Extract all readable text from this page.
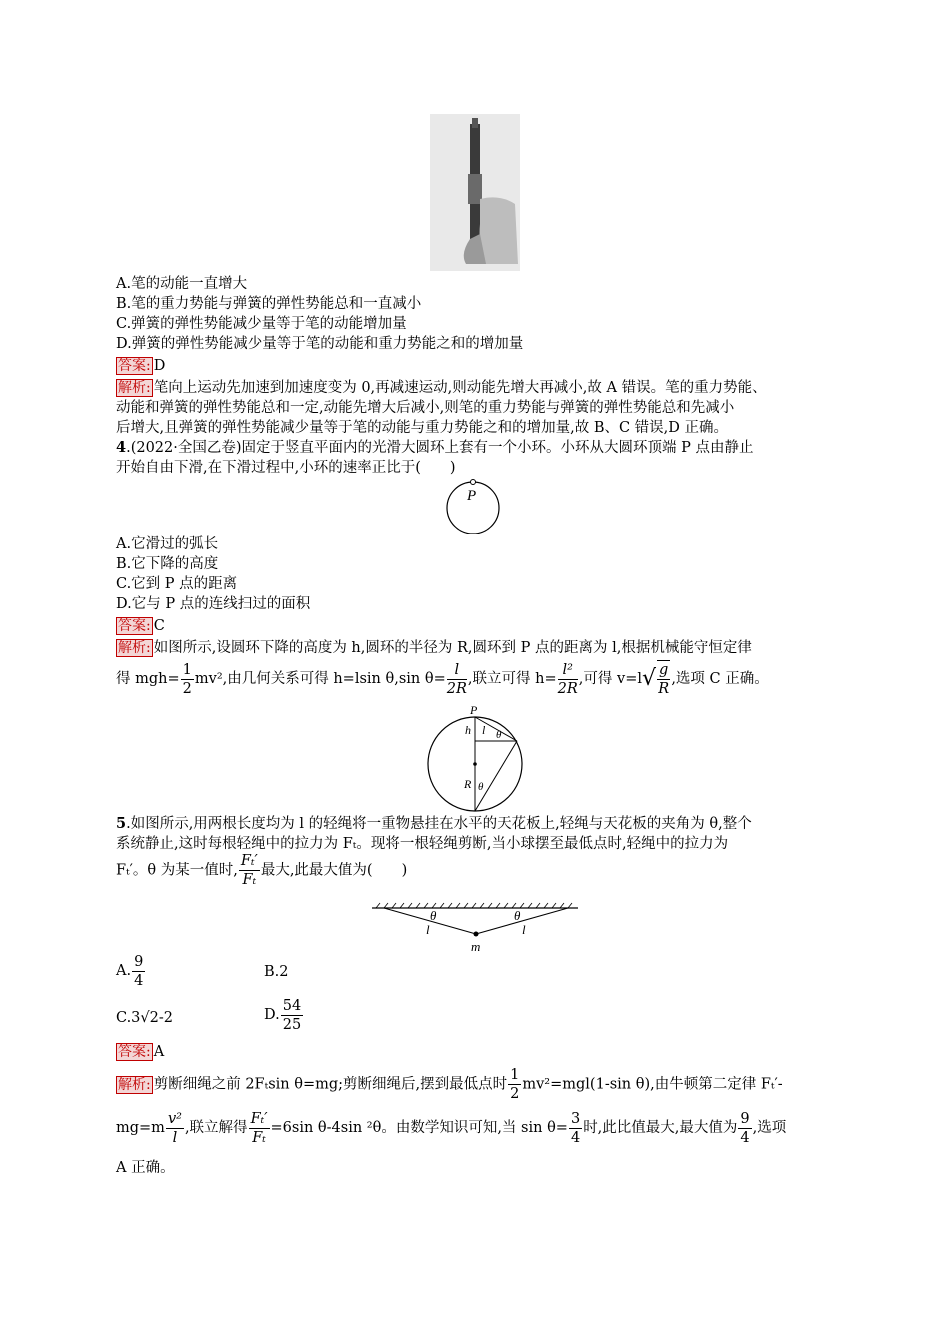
A.笔的动能一直增大
B.笔的重力势能与弹簧的弹性势能总和一直减小
C.弹簧的弹性势能减少量等于笔的动能增加量
D.弹簧的弹性势能减少量等于笔的动能和重力势能之和的增加量
答案: D
解析: 笔向上运动先加速到加速度变为 0,再减速运动,则动能先增大再减小,故 A 错误。笔的重力势能、
动能和弹簧的弹性势能总和一定,动能先增大后减小,则笔的重力势能与弹簧的弹性势能总和先减小
后增大,且弹簧的弹性势能减少量等于笔的动能与重力势能之和的增加量,故 B、C 错误,D 正确。
4.(2022·全国乙卷)固定于竖直平面内的光滑大圆环上套有一个小环。小环从大圆环顶端 P 点由静止
开始自由下滑,在下滑过程中,小环的速率正比于(　　)
P
A.它滑过的弧长
B.它下降的高度
C.它到 P 点的距离
D.它与 P 点的连线扫过的面积
答案: C
解析: 如图所示,设圆环下降的高度为 h,圆环的半径为 R,圆环到 P 点的距离为 l,根据机械能守恒定律
得 $mgh= \frac{1}{2} mv^2$,由几何关系可得 h=lsin θ,sin $\theta= \frac{l}{2R}$ ,联立可得 $h= \frac{\text{l²}}{2R}$ ,可得 $v=l√ \frac{g}{R}$ ,选项 C 正确。
P
h l θ
R θ
5.如图所示,用两根长度均为 l 的轻绳将一重物悬挂在水平的天花板上,轻绳与天花板的夹角为 θ,整个
系统静止,这时每根轻绳中的拉力为 Fₜ。现将一根轻绳剪断,当小球摆至最低点时,轻绳中的拉力为
Fₜ′。θ 为某一值时, $\frac{\text{Fₜ′}}{\text{Fₜ}}$ 最大,此最大值为(　　)
θ	θ
l	l
m
A. $\frac{9}{4}$	B.2
C.3√2-2	D. $\frac{54}{25}$
答案: A
解析: 剪断细绳之前 2Fₜsin θ=mg;剪断细绳后,摆到最低点时 $\frac{1}{2} mv^2=mgl(1-\sin$ θ),由牛顿第二定律 Fₜ′-
$mg=m \frac{\text{v²}}{l}$ ,联立解得 $\frac{\text{Fₜ′}}{\text{Fₜ}} =6\sin$ θ-4sin ²θ。由数学知识可知,当 $\sin \theta= \frac{3}{4}$ 时,此比值最大,最大值为 $\frac{9}{4}$ ,选项
A 正确。
